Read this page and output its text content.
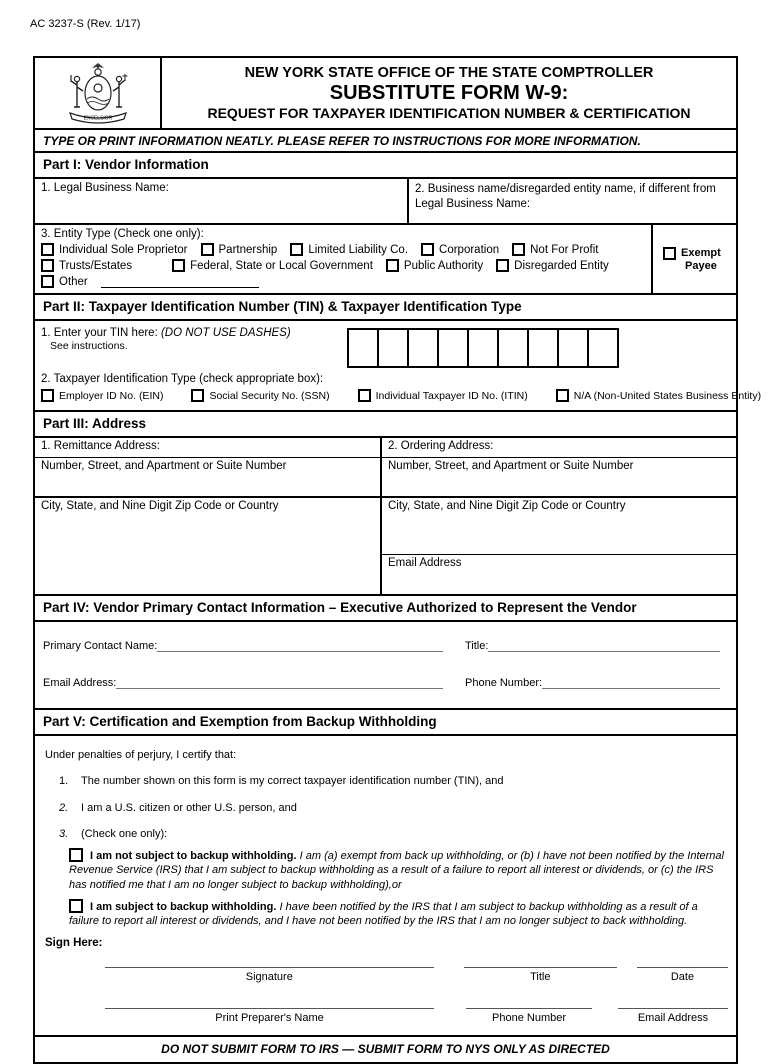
AC 3237-S (Rev. 1/17)
EXCELSIOR
NEW YORK STATE OFFICE OF THE STATE COMPTROLLER
SUBSTITUTE FORM W-9:
REQUEST FOR TAXPAYER IDENTIFICATION NUMBER & CERTIFICATION
TYPE OR PRINT INFORMATION NEATLY. PLEASE REFER TO INSTRUCTIONS FOR MORE INFORMATION.
Part I: Vendor Information
1. Legal Business Name:	2. Business name/disregarded entity name, if different from Legal Business Name:
3. Entity Type (Check one only):
Individual Sole Proprietor	Partnership	Limited Liability Co.	Corporation	Not For Profit
Trusts/Estates	Federal, State or Local Government	Public Authority	Disregarded Entity
Other
Exempt
Payee
Part II: Taxpayer Identification Number (TIN) & Taxpayer Identification Type
1. Enter your TIN here: (DO NOT USE DASHES)
See instructions.
2. Taxpayer Identification Type (check appropriate box):
Employer ID No. (EIN)	Social Security No. (SSN)	Individual Taxpayer ID No. (ITIN)	N/A (Non-United States Business Entity)
Part III: Address
1. Remittance Address:
Number, Street, and Apartment or Suite Number
City, State, and Nine Digit Zip Code or Country
2. Ordering Address:
Number, Street, and Apartment or Suite Number
City, State, and Nine Digit Zip Code or Country
Email Address
Part IV: Vendor Primary Contact Information – Executive Authorized to Represent the Vendor
Primary Contact Name:	Title:
Email Address:	Phone Number:
Part V: Certification and Exemption from Backup Withholding
Under penalties of perjury, I certify that:
1.	The number shown on this form is my correct taxpayer identification number (TIN), and
2.	I am a U.S. citizen or other U.S. person, and
3.	(Check one only):
I am not subject to backup withholding. I am (a) exempt from back up withholding, or (b) I have not been notified by the Internal Revenue Service (IRS) that I am subject to backup withholding as a result of a failure to report all interest or dividends, or (c) the IRS has notified me that I am no longer subject to backup withholding),or
I am subject to backup withholding. I have been notified by the IRS that I am subject to backup withholding as a result of a failure to report all interest or dividends, and I have not been notified by the IRS that I am no longer subject to back withholding.
Sign Here:
Signature	Title	Date
Print Preparer's Name	Phone Number	Email Address
DO NOT SUBMIT FORM TO IRS — SUBMIT FORM TO NYS ONLY AS DIRECTED
